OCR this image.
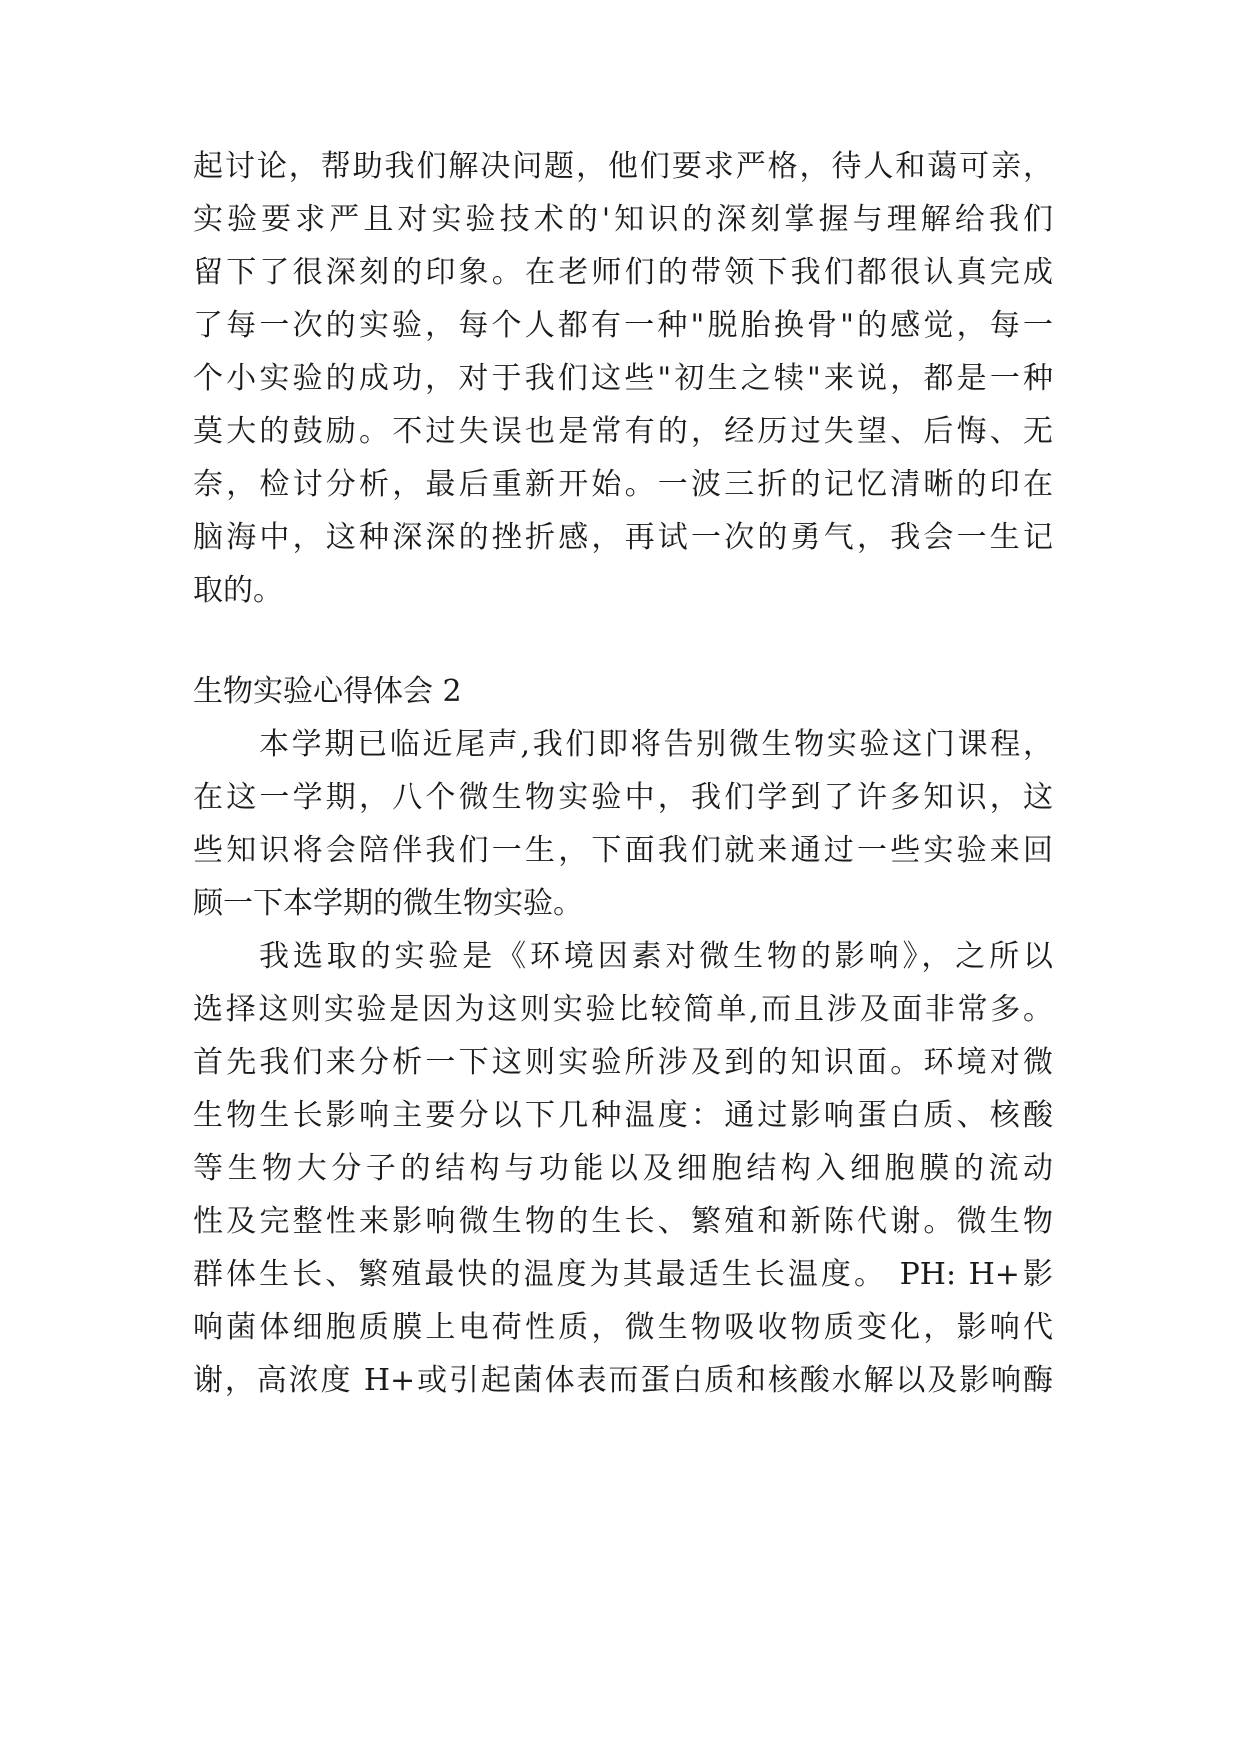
起讨论，帮助我们解决问题，他们要求严格，待人和蔼可亲，
实验要求严且对实验技术的'知识的深刻掌握与理解给我们
留下了很深刻的印象。在老师们的带领下我们都很认真完成
了每一次的实验，每个人都有一种"脱胎换骨"的感觉，每一
个小实验的成功，对于我们这些"初生之犊"来说，都是一种
莫大的鼓励。不过失误也是常有的，经历过失望、后悔、无
奈，检讨分析，最后重新开始。一波三折的记忆清晰的印在
脑海中，这种深深的挫折感，再试一次的勇气，我会一生记
取的。
生物实验心得体会 2
本学期已临近尾声,我们即将告别微生物实验这门课程，
在这一学期，八个微生物实验中，我们学到了许多知识，这
些知识将会陪伴我们一生，下面我们就来通过一些实验来回
顾一下本学期的微生物实验。
我选取的实验是《环境因素对微生物的影响》，之所以
选择这则实验是因为这则实验比较简单,而且涉及面非常多。
首先我们来分析一下这则实验所涉及到的知识面。环境对微
生物生长影响主要分以下几种温度：通过影响蛋白质、核酸
等生物大分子的结构与功能以及细胞结构入细胞膜的流动
性及完整性来影响微生物的生长、繁殖和新陈代谢。微生物
群体生长、繁殖最快的温度为其最适生长温度。 PH: H+影
响菌体细胞质膜上电荷性质，微生物吸收物质变化，影响代
谢，高浓度 H+或引起菌体表而蛋白质和核酸水解以及影响酶
